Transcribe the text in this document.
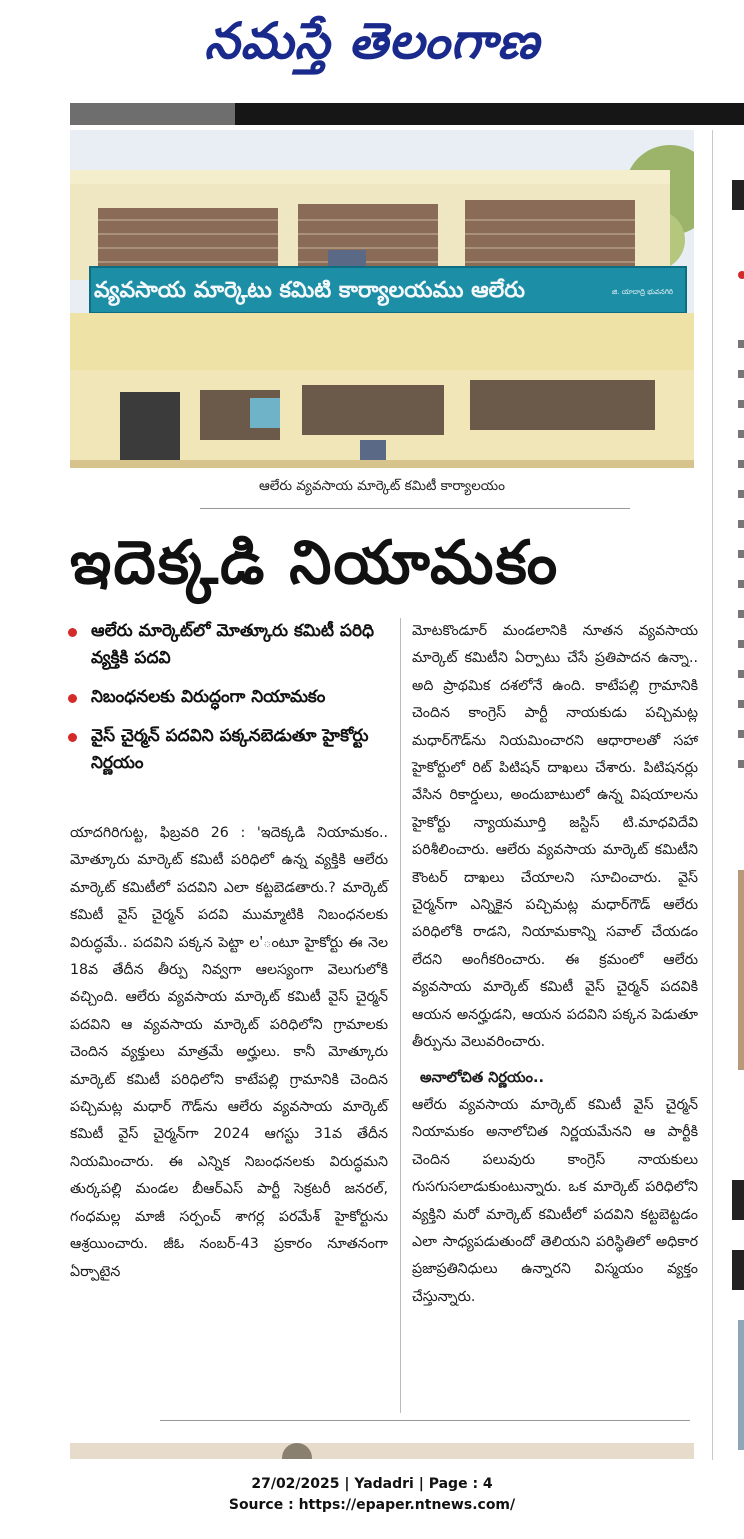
నమస్తే తెలంగాణ
వ్యవసాయ మార్కెటు కమిటి కార్యాలయము ఆలేరు	జి. యాదాద్రి భువనగిరి
ఆలేరు వ్యవసాయ మార్కెట్ కమిటీ కార్యాలయం
ఇదెక్కడి నియామకం
ఆలేరు మార్కెట్‌లో మోత్కూరు కమిటీ పరిధి వ్యక్తికి పదవి
నిబంధనలకు విరుద్ధంగా నియామకం
వైస్ చైర్మన్ పదవిని పక్కనబెడుతూ హైకోర్టు నిర్ణయం

యాదగిరిగుట్ట, ఫిబ్రవరి 26 : 'ఇదెక్కడి నియామకం.. మోత్కూరు మార్కెట్ కమిటీ పరిధిలో ఉన్న వ్యక్తికి ఆలేరు మార్కెట్ కమిటీలో పదవిని ఎలా కట్టబెడతారు.? మార్కెట్ కమిటీ వైస్ చైర్మన్ పదవి ముమ్మాటికి నిబంధనలకు విరుద్ధమే.. పదవిని పక్కన పెట్టా ల'ంటూ హైకోర్టు ఈ నెల 18వ తేదీన తీర్పు నివ్వగా ఆలస్యంగా వెలుగులోకి వచ్చింది. ఆలేరు వ్యవసాయ మార్కెట్ కమిటీ వైస్ చైర్మన్ పదవిని ఆ వ్యవసాయ మార్కెట్ పరిధిలోని గ్రామాలకు చెందిన వ్యక్తులు మాత్రమే అర్హులు. కానీ మోత్కూరు మార్కెట్ కమిటీ పరిధిలోని కాటేపల్లి గ్రామానికి చెందిన పచ్చిమట్ల మధార్ గౌడ్‌ను ఆలేరు వ్యవసాయ మార్కెట్ కమిటీ వైస్ చైర్మన్‌గా 2024 ఆగస్టు 31వ తేదీన నియమించారు. ఈ ఎన్నిక నిబంధనలకు విరుద్ధమని తుర్కపల్లి మండల బీఆర్‌ఎస్ పార్టీ సెక్రటరీ జనరల్, గంధమల్ల మాజీ సర్పంచ్ శాగర్ల పరమేశ్ హైకోర్టును ఆశ్రయించారు. జీఓ నంబర్-43 ప్రకారం నూతనంగా ఏర్పాటైన

మోటకొండూర్ మండలానికి నూతన వ్యవసాయ మార్కెట్ కమిటీని ఏర్పాటు చేసే ప్రతిపాదన ఉన్నా.. అది ప్రాథమిక దశలోనే ఉంది. కాటేపల్లి గ్రామానికి చెందిన కాంగ్రెస్ పార్టీ నాయకుడు పచ్చిమట్ల మధార్‌గౌడ్‌ను నియమించారని ఆధారాలతో సహా హైకోర్టులో రిట్ పిటిషన్ దాఖలు చేశారు. పిటిషనర్లు వేసిన రికార్డులు, అందుబాటులో ఉన్న విషయాలను హైకోర్టు న్యాయమూర్తి జస్టిస్ టి.మాధవిదేవి పరిశీలించారు. ఆలేరు వ్యవసాయ మార్కెట్ కమిటీని కౌంటర్ దాఖలు చేయాలని సూచించారు. వైస్ చైర్మన్‌గా ఎన్నికైన పచ్చిమట్ల మధార్‌గౌడ్ ఆలేరు పరిధిలోకి రాడని, నియామకాన్ని సవాల్ చేయడం లేదని అంగీకరించారు. ఈ క్రమంలో ఆలేరు వ్యవసాయ మార్కెట్ కమిటీ వైస్ చైర్మన్ పదవికి ఆయన అనర్హుడని, ఆయన పదవిని పక్కన పెడుతూ తీర్పును వెలువరించారు.

అనాలోచిత నిర్ణయం..

ఆలేరు వ్యవసాయ మార్కెట్ కమిటీ వైస్ చైర్మన్ నియామకం అనాలోచిత నిర్ణయమేనని ఆ పార్టీకి చెందిన పలువురు కాంగ్రెస్ నాయకులు గుసగుసలాడుకుంటున్నారు. ఒక మార్కెట్ పరిధిలోని వ్యక్తిని మరో మార్కెట్ కమిటీలో పదవిని కట్టబెట్టడం ఎలా సాధ్యపడుతుందో తెలియని పరిస్థితిలో అధికార ప్రజాప్రతినిధులు ఉన్నారని విస్మయం వ్యక్తం చేస్తున్నారు.

27/02/2025 | Yadadri | Page : 4
Source : https://epaper.ntnews.com/
